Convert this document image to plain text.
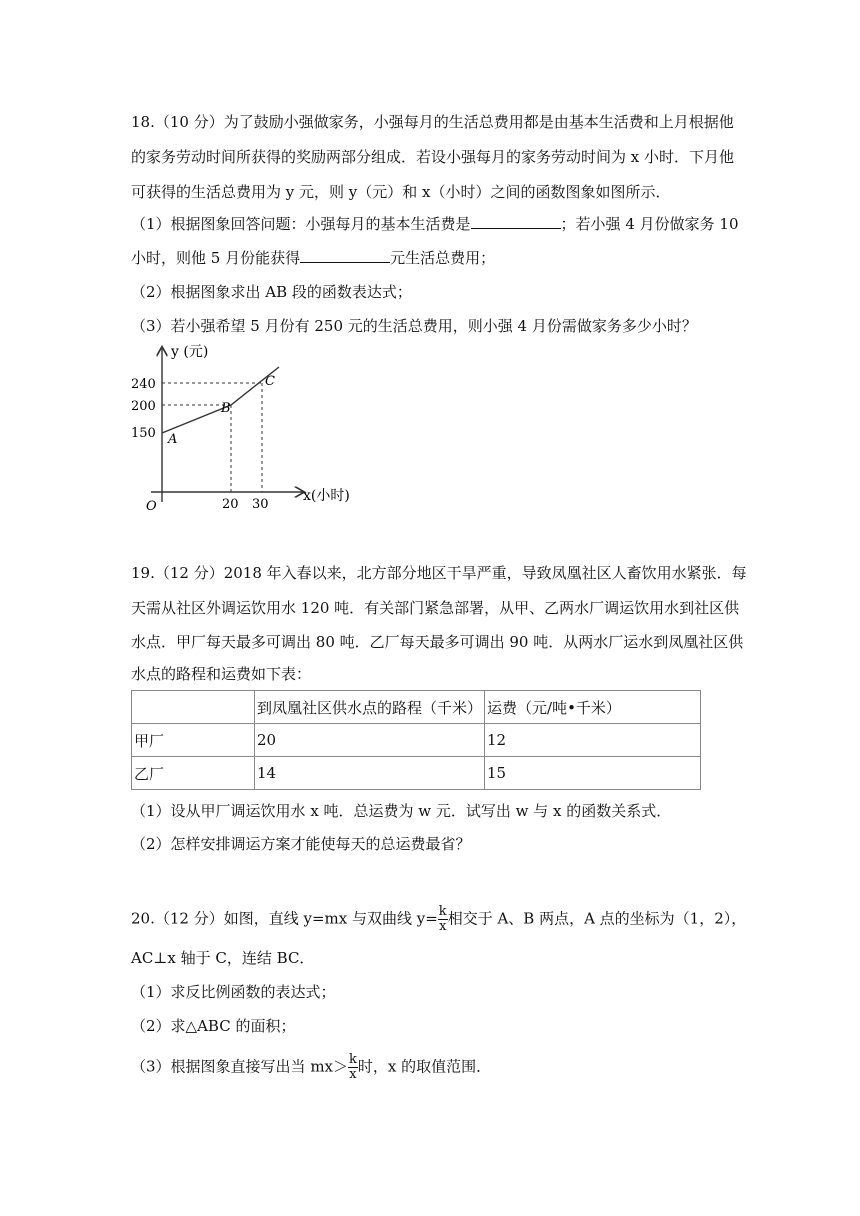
18.（10 分）为了鼓励小强做家务，小强每月的生活总费用都是由基本生活费和上月根据他
的家务劳动时间所获得的奖励两部分组成．若设小强每月的家务劳动时间为 x 小时．下月他
可获得的生活总费用为 y 元，则 y（元）和 x（小时）之间的函数图象如图所示．
（1）根据图象回答问题：小强每月的基本生活费是	；若小强 4 月份做家务 10
小时，则他 5 月份能获得	元生活总费用；
（2）根据图象求出 AB 段的函数表达式；
（3）若小强希望 5 月份有 250 元的生活总费用，则小强 4 月份需做家务多少小时？
y (元)
x(小时)
O
240
200
150
20 30
A
B
C
19.（12 分）2018 年入春以来，北方部分地区干旱严重，导致凤凰社区人畜饮用水紧张．每
天需从社区外调运饮用水 120 吨．有关部门紧急部署，从甲、乙两水厂调运饮用水到社区供
水点．甲厂每天最多可调出 80 吨．乙厂每天最多可调出 90 吨．从两水厂运水到凤凰社区供
水点的路程和运费如下表：
	到凤凰社区供水点的路程（千米）	运费（元/吨•千米）
甲厂	20	12
乙厂	14	15
（1）设从甲厂调运饮用水 x 吨．总运费为 w 元．试写出 w 与 x 的函数关系式．
（2）怎样安排调运方案才能使每天的总运费最省？
20.（12 分）如图，直线 y=mx 与双曲线 $y= \frac{k}{x}$ 相交于 A、B 两点，A 点的坐标为（1，2），
AC⊥x 轴于 C，连结 BC．
（1）求反比例函数的表达式；
（2）求△ABC 的面积；
（3）根据图象直接写出当 $mx> \frac{k}{x}$ 时，x 的取值范围．
